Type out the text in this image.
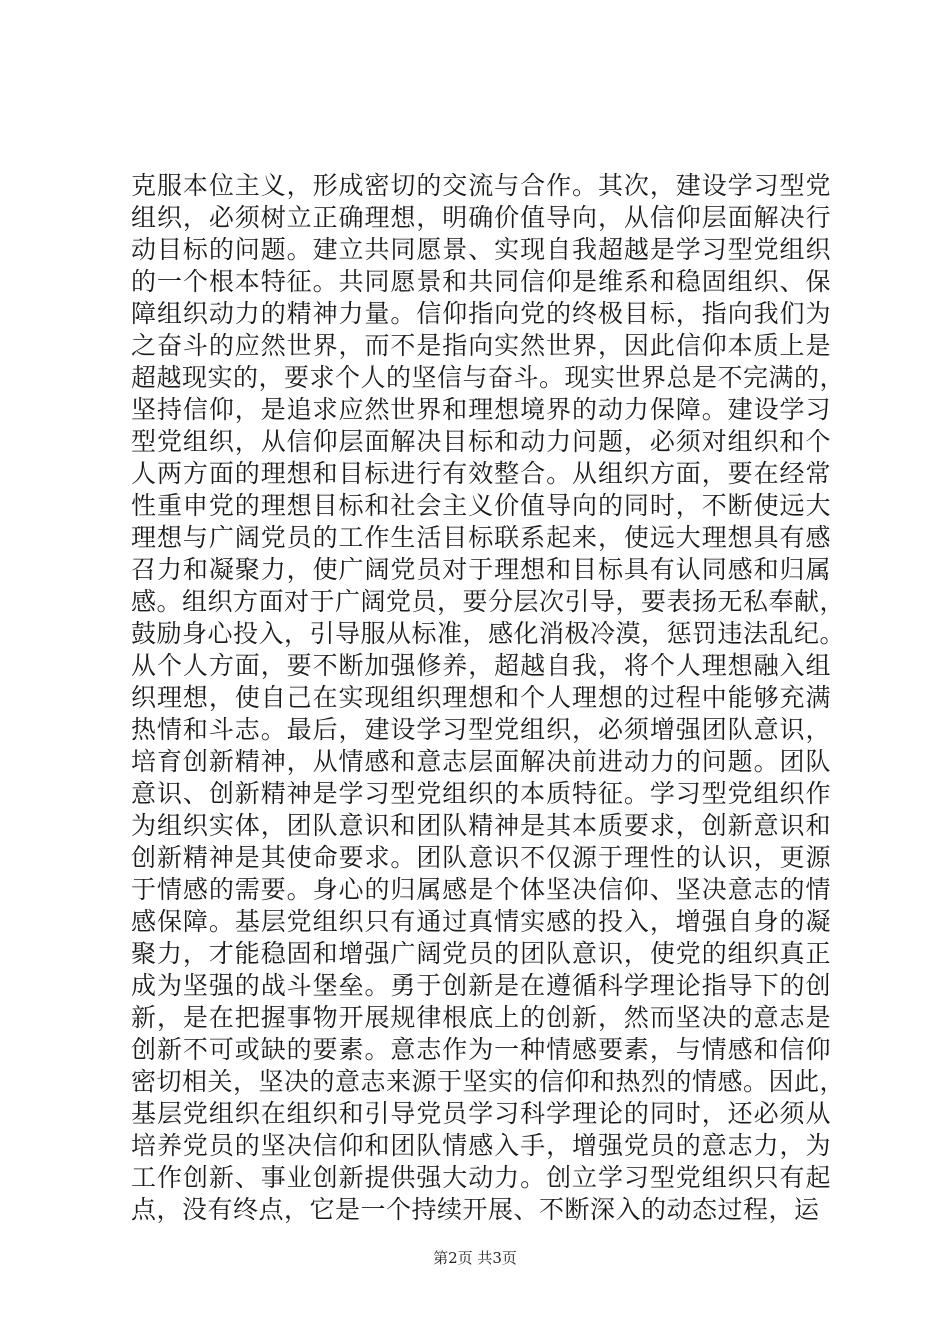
克服本位主义，形成密切的交流与合作。其次，建设学习型党
组织，必须树立正确理想，明确价值导向，从信仰层面解决行
动目标的问题。建立共同愿景、实现自我超越是学习型党组织
的一个根本特征。共同愿景和共同信仰是维系和稳固组织、保
障组织动力的精神力量。信仰指向党的终极目标，指向我们为
之奋斗的应然世界，而不是指向实然世界，因此信仰本质上是
超越现实的，要求个人的坚信与奋斗。现实世界总是不完满的，
坚持信仰，是追求应然世界和理想境界的动力保障。建设学习
型党组织，从信仰层面解决目标和动力问题，必须对组织和个
人两方面的理想和目标进行有效整合。从组织方面，要在经常
性重申党的理想目标和社会主义价值导向的同时，不断使远大
理想与广阔党员的工作生活目标联系起来，使远大理想具有感
召力和凝聚力，使广阔党员对于理想和目标具有认同感和归属
感。组织方面对于广阔党员，要分层次引导，要表扬无私奉献，
鼓励身心投入，引导服从标准，感化消极冷漠，惩罚违法乱纪。
从个人方面，要不断加强修养，超越自我，将个人理想融入组
织理想，使自己在实现组织理想和个人理想的过程中能够充满
热情和斗志。最后，建设学习型党组织，必须增强团队意识，
培育创新精神，从情感和意志层面解决前进动力的问题。团队
意识、创新精神是学习型党组织的本质特征。学习型党组织作
为组织实体，团队意识和团队精神是其本质要求，创新意识和
创新精神是其使命要求。团队意识不仅源于理性的认识，更源
于情感的需要。身心的归属感是个体坚决信仰、坚决意志的情
感保障。基层党组织只有通过真情实感的投入，增强自身的凝
聚力，才能稳固和增强广阔党员的团队意识，使党的组织真正
成为坚强的战斗堡垒。勇于创新是在遵循科学理论指导下的创
新，是在把握事物开展规律根底上的创新，然而坚决的意志是
创新不可或缺的要素。意志作为一种情感要素，与情感和信仰
密切相关，坚决的意志来源于坚实的信仰和热烈的情感。因此，
基层党组织在组织和引导党员学习科学理论的同时，还必须从
培养党员的坚决信仰和团队情感入手，增强党员的意志力，为
工作创新、事业创新提供强大动力。创立学习型党组织只有起
点，没有终点，它是一个持续开展、不断深入的动态过程，运
第2页 共3页
